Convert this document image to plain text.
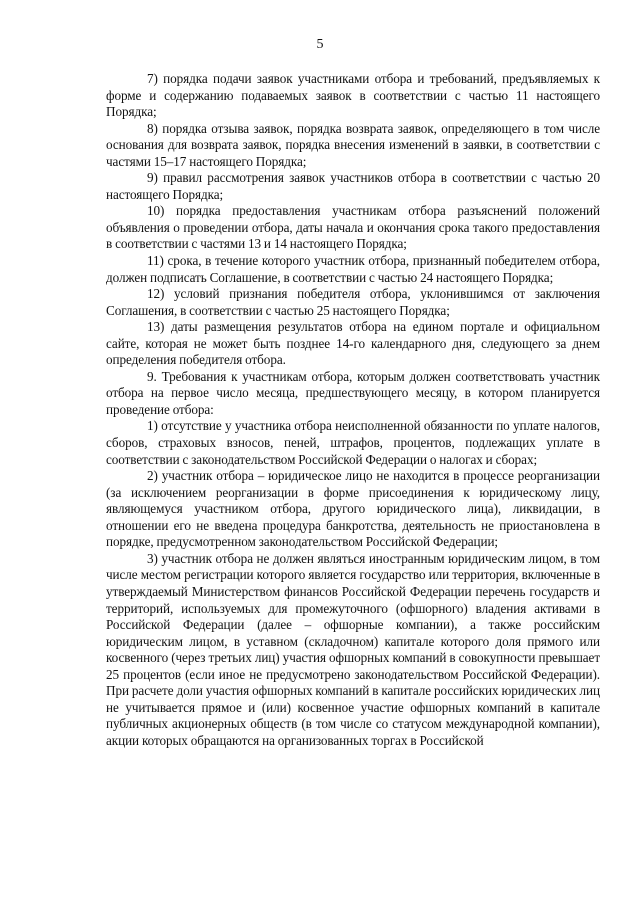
5

7) порядка подачи заявок участниками отбора и требований, предъявляемых к форме и содержанию подаваемых заявок в соответствии с частью 11 настоящего Порядка;

8) порядка отзыва заявок, порядка возврата заявок, определяющего в том числе основания для возврата заявок, порядка внесения изменений в заявки, в соответствии с частями 15–17 настоящего Порядка;

9) правил рассмотрения заявок участников отбора в соответствии с частью 20 настоящего Порядка;

10) порядка предоставления участникам отбора разъяснений положений объявления о проведении отбора, даты начала и окончания срока такого предоставления в соответствии с частями 13 и 14 настоящего Порядка;

11) срока, в течение которого участник отбора, признанный победителем отбора, должен подписать Соглашение, в соответствии с частью 24 настоящего Порядка;

12) условий признания победителя отбора, уклонившимся от заключения Соглашения, в соответствии с частью 25 настоящего Порядка;

13) даты размещения результатов отбора на едином портале и официальном сайте, которая не может быть позднее 14-го календарного дня, следующего за днем определения победителя отбора.

9. Требования к участникам отбора, которым должен соответствовать участник отбора на первое число месяца, предшествующего месяцу, в котором планируется проведение отбора:

1) отсутствие у участника отбора неисполненной обязанности по уплате налогов, сборов, страховых взносов, пеней, штрафов, процентов, подлежащих уплате в соответствии с законодательством Российской Федерации о налогах и сборах;

2) участник отбора – юридическое лицо не находится в процессе реорганизации (за исключением реорганизации в форме присоединения к юридическому лицу, являющемуся участником отбора, другого юридического лица), ликвидации, в отношении его не введена процедура банкротства, деятельность не приостановлена в порядке, предусмотренном законодательством Российской Федерации;

3) участник отбора не должен являться иностранным юридическим лицом, в том числе местом регистрации которого является государство или территория, включенные в утверждаемый Министерством финансов Российской Федерации перечень государств и территорий, используемых для промежуточного (офшорного) владения активами в Российской Федерации (далее – офшорные компании), а также российским юридическим лицом, в уставном (складочном) капитале которого доля прямого или косвенного (через третьих лиц) участия офшорных компаний в совокупности превышает 25 процентов (если иное не предусмотрено законодательством Российской Федерации). При расчете доли участия офшорных компаний в капитале российских юридических лиц не учитывается прямое и (или) косвенное участие офшорных компаний в капитале публичных акционерных обществ (в том числе со статусом международной компании), акции которых обращаются на организованных торгах в Российской
